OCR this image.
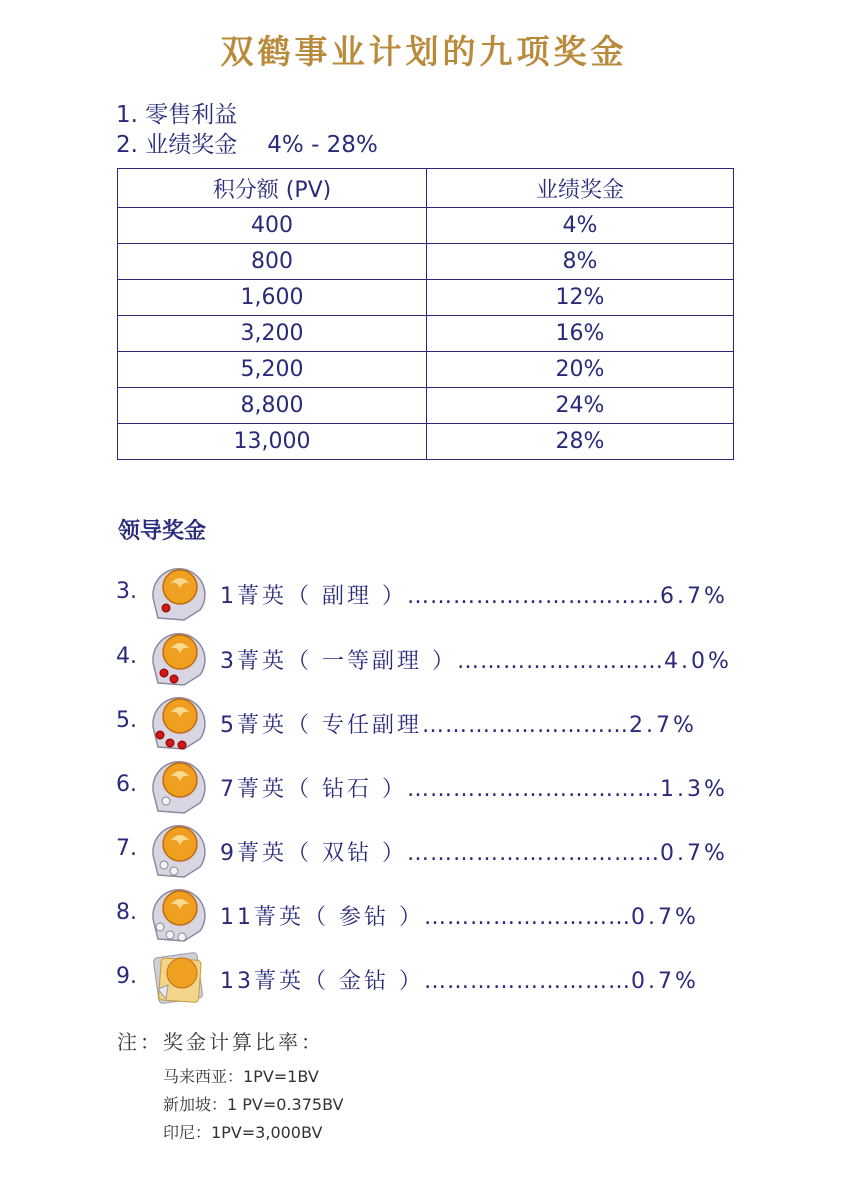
双鹤事业计划的九项奖金
1. 零售利益
2. 业绩奖金 4% - 28%
积分额 (PV)	业绩奖金
400	4%
800	8%
1,600	12%
3,200	16%
5,200	20%
8,800	24%
13,000	28%
领导奖金
3.	1菁英（ 副理 ）……………………………6.7%
4.	3菁英（ 一等副理 ）………………………4.0%
5.	5菁英（ 专任副理………………………2.7%
6.	7菁英（ 钻石 ）……………………………1.3%
7.	9菁英（ 双钻 ）……………………………0.7%
8.	11菁英（ 参钻 ）………………………0.7%
9.	13菁英（ 金钻 ）………………………0.7%
注：奖金计算比率：
马来西亚：1PV=1BV
新加坡：1 PV=0.375BV
印尼：1PV=3,000BV
